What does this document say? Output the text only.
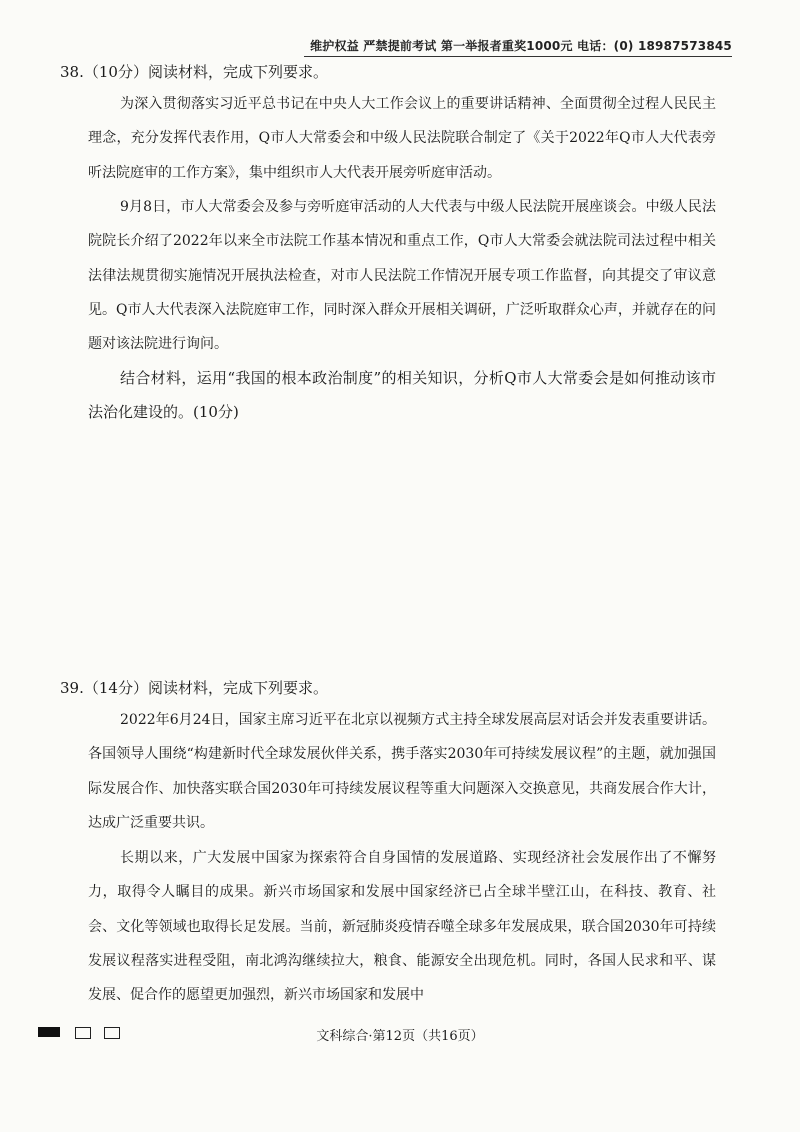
维护权益 严禁提前考试 第一举报者重奖1000元 电话：(0) 18987573845
38.（10分）阅读材料，完成下列要求。
为深入贯彻落实习近平总书记在中央人大工作会议上的重要讲话精神、全面贯彻全过程人民民主理念，充分发挥代表作用，Q市人大常委会和中级人民法院联合制定了《关于2022年Q市人大代表旁听法院庭审的工作方案》，集中组织市人大代表开展旁听庭审活动。
9月8日，市人大常委会及参与旁听庭审活动的人大代表与中级人民法院开展座谈会。中级人民法院院长介绍了2022年以来全市法院工作基本情况和重点工作，Q市人大常委会就法院司法过程中相关法律法规贯彻实施情况开展执法检查，对市人民法院工作情况开展专项工作监督，向其提交了审议意见。Q市人大代表深入法院庭审工作，同时深入群众开展相关调研，广泛听取群众心声，并就存在的问题对该法院进行询问。
结合材料，运用“我国的根本政治制度”的相关知识，分析Q市人大常委会是如何推动该市法治化建设的。(10分)
39.（14分）阅读材料，完成下列要求。
2022年6月24日，国家主席习近平在北京以视频方式主持全球发展高层对话会并发表重要讲话。各国领导人围绕“构建新时代全球发展伙伴关系，携手落实2030年可持续发展议程”的主题，就加强国际发展合作、加快落实联合国2030年可持续发展议程等重大问题深入交换意见，共商发展合作大计，达成广泛重要共识。
长期以来，广大发展中国家为探索符合自身国情的发展道路、实现经济社会发展作出了不懈努力，取得令人瞩目的成果。新兴市场国家和发展中国家经济已占全球半壁江山，在科技、教育、社会、文化等领域也取得长足发展。当前，新冠肺炎疫情吞噬全球多年发展成果，联合国2030年可持续发展议程落实进程受阻，南北鸿沟继续拉大，粮食、能源安全出现危机。同时，各国人民求和平、谋发展、促合作的愿望更加强烈，新兴市场国家和发展中
文科综合·第12页（共16页）
